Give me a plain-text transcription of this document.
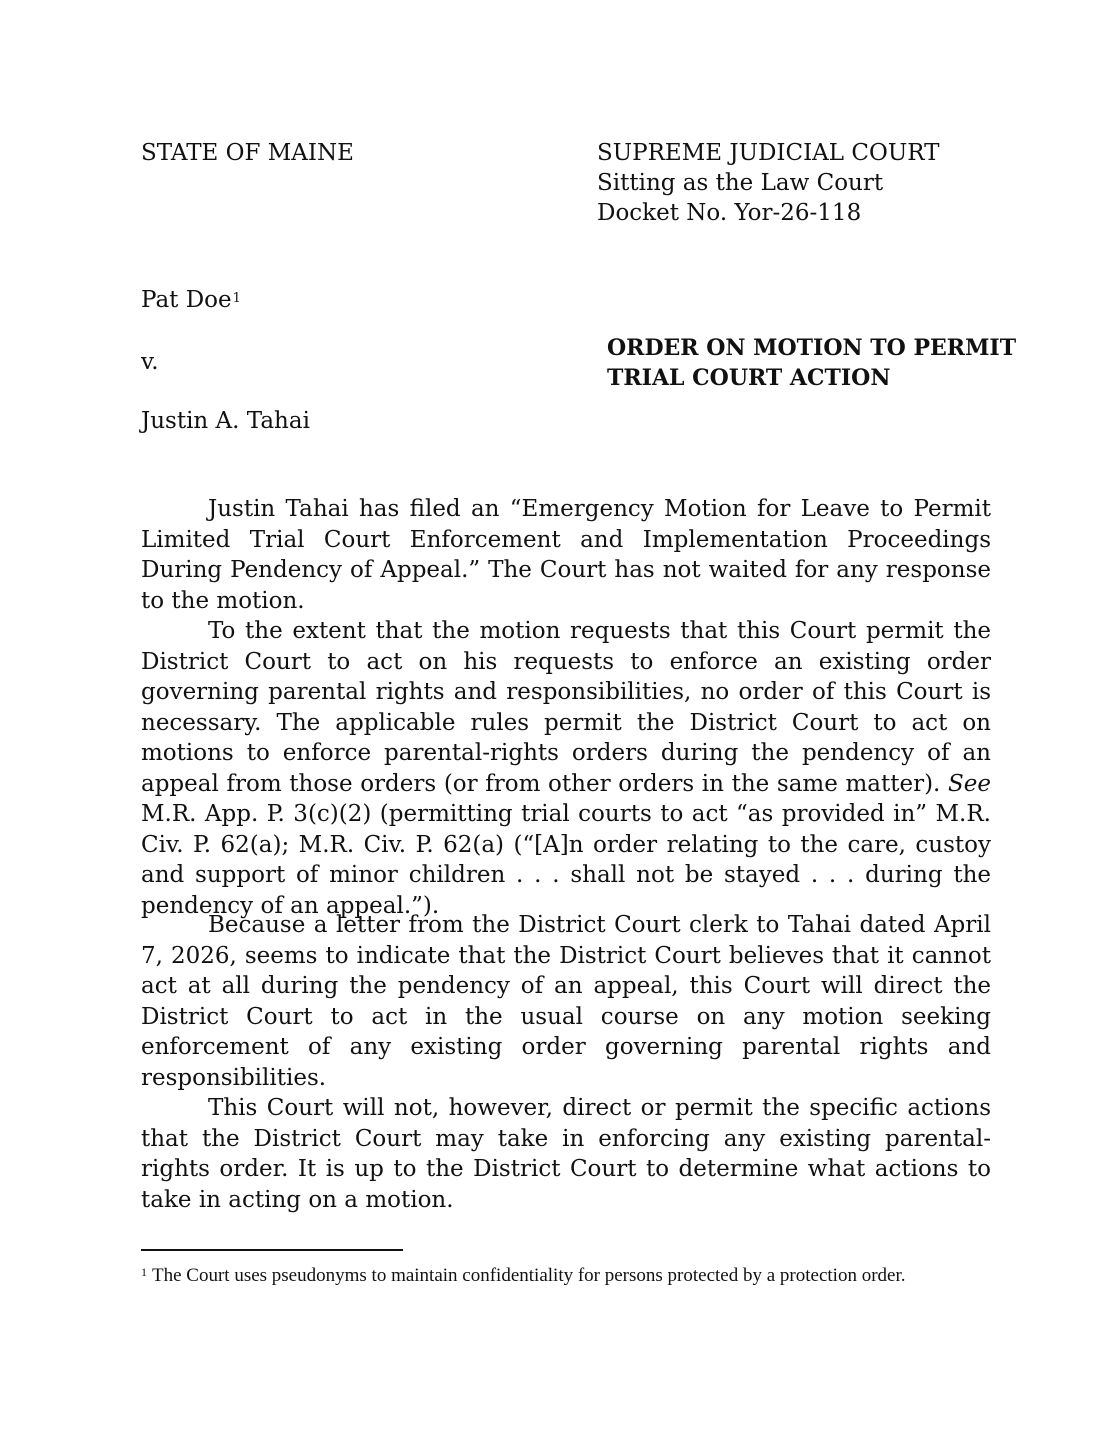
STATE OF MAINE	SUPREME JUDICIAL COURT
Sitting as the Law Court
Docket No. Yor-26-118
Pat Doe$^1$
v.
ORDER ON MOTION TO PERMIT
TRIAL COURT ACTION
Justin A. Tahai
Justin Tahai has filed an “Emergency Motion for Leave to Permit Limited Trial Court Enforcement and Implementation Proceedings During Pendency of Appeal.” The Court has not waited for any response to the motion.
To the extent that the motion requests that this Court permit the District Court to act on his requests to enforce an existing order governing parental rights and responsibilities, no order of this Court is necessary. The applicable rules permit the District Court to act on motions to enforce parental-rights orders during the pendency of an appeal from those orders (or from other orders in the same matter). See M.R. App. P. 3(c)(2) (permitting trial courts to act “as provided in” M.R. Civ. P. 62(a); M.R. Civ. P. 62(a) (“[A]n order relating to the care, custoy and support of minor children . . . shall not be stayed . . . during the pendency of an appeal.”).
Because a letter from the District Court clerk to Tahai dated April 7, 2026, seems to indicate that the District Court believes that it cannot act at all during the pendency of an appeal, this Court will direct the District Court to act in the usual course on any motion seeking enforcement of any existing order governing parental rights and responsibilities.
This Court will not, however, direct or permit the specific actions that the District Court may take in enforcing any existing parental-rights order. It is up to the District Court to determine what actions to take in acting on a motion.
$^1$ The Court uses pseudonyms to maintain confidentiality for persons protected by a protection order.
